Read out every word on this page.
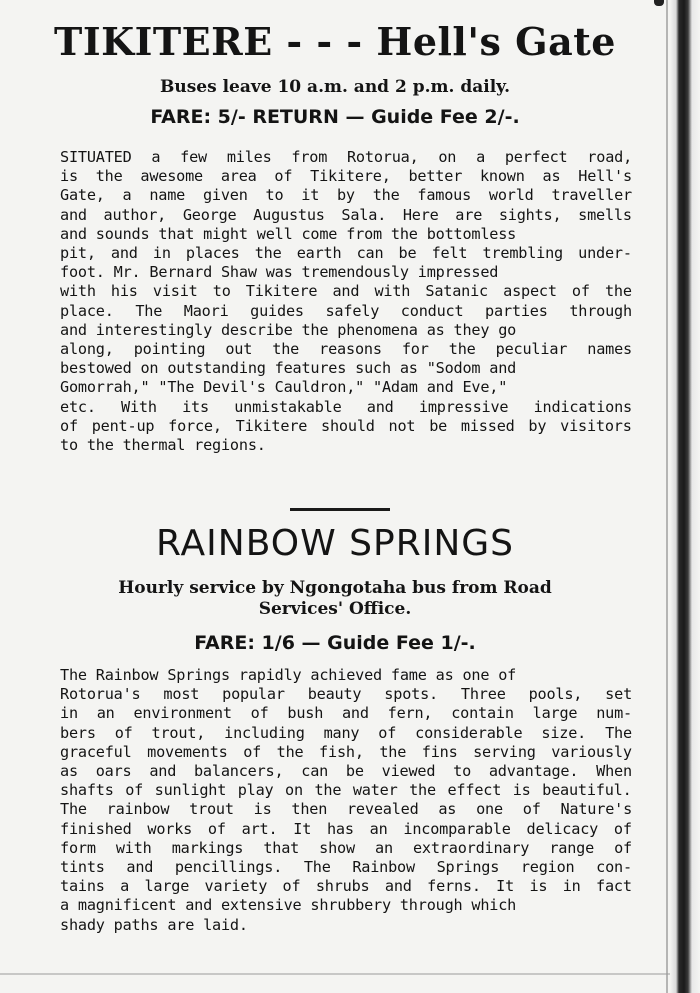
TIKITERE - - - Hell's Gate
Buses leave 10 a.m. and 2 p.m. daily.
FARE: 5/- RETURN — Guide Fee 2/-.
SITUATED a few miles from Rotorua, on a perfect road,
is the awesome area of Tikitere, better known as Hell's
Gate, a name given to it by the famous world traveller
and author, George Augustus Sala. Here are sights, smells
and sounds that might well come from the bottomless
pit, and in places the earth can be felt trembling under-
foot. Mr. Bernard Shaw was tremendously impressed
with his visit to Tikitere and with Satanic aspect of the
place. The Maori guides safely conduct parties through
and interestingly describe the phenomena as they go
along, pointing out the reasons for the peculiar names
bestowed on outstanding features such as "Sodom and
Gomorrah," "The Devil's Cauldron," "Adam and Eve,"
etc. With its unmistakable and impressive indications
of pent-up force, Tikitere should not be missed by visitors
to the thermal regions.
RAINBOW SPRINGS
Hourly service by Ngongotaha bus from Road
Services' Office.
FARE: 1/6 — Guide Fee 1/-.
The Rainbow Springs rapidly achieved fame as one of
Rotorua's most popular beauty spots. Three pools, set
in an environment of bush and fern, contain large num-
bers of trout, including many of considerable size. The
graceful movements of the fish, the fins serving variously
as oars and balancers, can be viewed to advantage. When
shafts of sunlight play on the water the effect is beautiful.
The rainbow trout is then revealed as one of Nature's
finished works of art. It has an incomparable delicacy of
form with markings that show an extraordinary range of
tints and pencillings. The Rainbow Springs region con-
tains a large variety of shrubs and ferns. It is in fact
a magnificent and extensive shrubbery through which
shady paths are laid.
